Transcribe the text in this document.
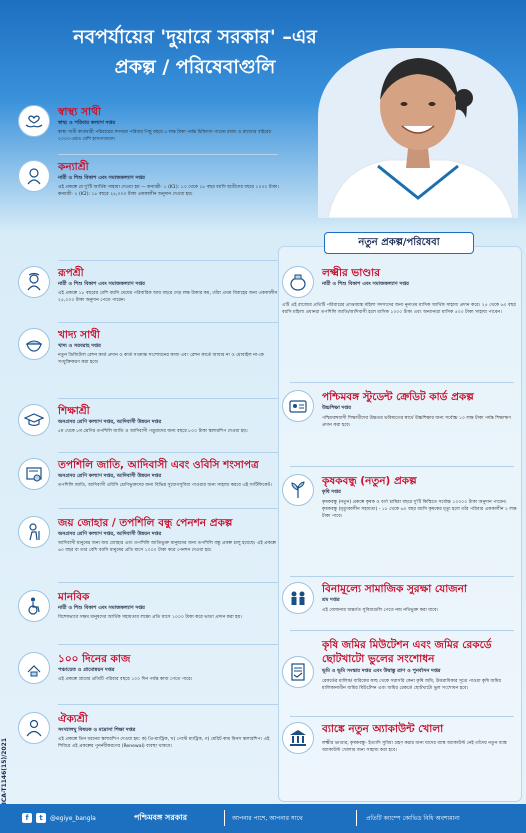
নবপর্যায়ের 'দুয়ারে সরকার' –এর
প্রকল্প / পরিষেবাগুলি
ICA-T1146(15)/2021
স্বাস্থ্য সাথী
স্বাস্থ্য ও পরিবার কল্যাণ দপ্তর
স্বাস্থ্য সাথী কার্ডধারী পরিবারের সদস্যরা পরিবার পিছু বছরে ৫ লক্ষ টাকা পর্যন্ত চিকিৎসা পাবেন রাজ্য ও রাজ্যের বাইরের ২০০০-এরও বেশি হাসপাতালে।
কন্যাশ্রী
নারী ও শিশু বিকাশ এবং সমাজকল্যাণ দপ্তর
এই প্রকল্পে যে দু'টি আর্থিক সাহায্য দেওয়া হয় — কন্যাশ্রী- ১ (K1): ১৩ থেকে ১৮ বছর বয়সি ছাত্রীদের বছরে ১০০০ টাকা। কন্যাশ্রী- ২ (K2): ১৮ বছরে ২৫,০০০ টাকা এককালীন অনুদান দেওয়া হয়।
রূপশ্রী
নারী ও শিশু বিকাশ এবং সমাজকল্যাণ দপ্তর
এই প্রকল্পে ১৮ বছরের বেশি বয়সি মেয়ের পরিবারিক আয় বছরে দেড় লক্ষ টাকার কম, তাঁরা প্রথম বিবাহের জন্য এককালীন ২৫,০০০ টাকা অনুদান পেতে পারেন।
খাদ্য সাথী
খাদ্য ও সরবরাহ দপ্তর
নতুন ডিজিটাল রেশন কার্ড প্রদান ও কার্ড সংক্রান্ত সংশোধনের কাজ এবং রেশন কার্ডে আধার না ও মোবাইল না-কে সংযুক্তিকরণ করা হবে।
শিক্ষাশ্রী
অনগ্রসর শ্রেণি কল্যাণ দপ্তর, আদিবাসী উন্নয়ন দপ্তর
৫ম থেকে ৮ম শ্রেণির তপশিলি জাতি ও আদিবাসী পড়ুয়াদের জন্য বছরে ৮০০ টাকা স্কলারশিপ দেওয়া হয়।
তপশিলি জাতি, আদিবাসী এবং ওবিসি শংসাপত্র
অনগ্রসর শ্রেণি কল্যাণ দপ্তর, আদিবাসী উন্নয়ন দপ্তর
তপশিলি জাতি, আদিবাসী ওবিসি শ্রেণিভুক্তদের জন্য বিভিন্ন সুযোগসুবিধা পাওয়ার জন্য সাহায্য করবে এই সার্টিফিকেট।
জয় জোহার / তপশিলি বন্ধু পেনশন প্রকল্প
অনগ্রসর শ্রেণি কল্যাণ দপ্তর, আদিবাসী উন্নয়ন দপ্তর
আদিবাসী মানুষের জন্য জয় জোহার এবং তপশিলি জাতিভুক্ত মানুষদের জন্য তপশিলি বন্ধু প্রকল্প চালু হয়েছে। এই প্রকল্পে ৬০ বছর বা তার বেশি বয়সি মানুষের প্রতি মাসে ১০০০ টাকা করে পেনশন দেওয়া হয়।
মানবিক
নারী ও শিশু বিকাশ এবং সমাজকল্যাণ দপ্তর
বিশেষভাবে সক্ষম মানুষদের আর্থিক সহায়তার লক্ষ্যে প্রতি মাসে ১০০০ টাকা করে ভাতা প্রদান করা হয়।
১০০ দিনের কাজ
পঞ্চায়েত ও গ্রামোন্নয়ন দপ্তর
এই প্রকল্পে গ্রামের প্রতিটি পরিবার বছরে ১০০ দিন পর্যন্ত কাজ পেতে পারে।
ঐক্যশ্রী
সংখ্যালঘু বিষয়ক ও মাদ্রাসা শিক্ষা দপ্তর
এই প্রকল্পে তিন ধরনের স্কলারশিপ দেওয়া হয়: ক) প্রি-ম্যাট্রিক, খ) পোস্ট ম্যাট্রিক, গ) মেরিট কাম মিনস স্কলারশিপ। এই শিবিরে এই প্রকল্পের পুনর্নবীকরণের (Renewal) ব্যবস্থা থাকবে।
নতুন প্রকল্প/পরিষেবা
লক্ষ্মীর ভাণ্ডার
নারী ও শিশু বিকাশ এবং সমাজকল্যাণ দপ্তর
এটি এই রাজ্যের প্রতিটি পরিবারের প্রাপ্তবয়স্ক মহিলা সদস্যদের জন্য নূন্যতম মাসিক আর্থিক সাহায্য প্রদান করে। ২৫ থেকে ৬০ বছর বয়সি মহিলা প্রধানরা তপশিলি জাতি/আদিবাসী হলে মাসিক ১০০০ টাকা এবং অন্যান্যরা মাসিক ৫০০ টাকা সাহায্য পাবেন।
পশ্চিমবঙ্গ স্টুডেন্ট ক্রেডিট কার্ড প্রকল্প
উচ্চশিক্ষা দপ্তর
পশ্চিমবঙ্গবাসী শিক্ষার্থীদের উচ্চতর ভবিষ্যতের স্বার্থে উচ্চশিক্ষার জন্য সর্বোচ্চ ১০ লক্ষ টাকা পর্যন্ত শিক্ষাঋণ প্রদান করা হবে।
কৃষকবন্ধু (নতুন) প্রকল্প
কৃষি দপ্তর
কৃষকবন্ধু (নতুন) প্রকল্পে কৃষক ও বর্গা চাষিরা বছরে দু'টি কিস্তিতে সর্বোচ্চ ১০০০০ টাকা অনুদান পাবেন। কৃষকবন্ধু (মৃত্যুকালীন সহায়তা) - ১৮ থেকে ৬০ বছর বয়সি কৃষকের মৃত্যু হলে তাঁর পরিবার এককালীন ২ লক্ষ টাকা পাবে।
বিনামূল্যে সামাজিক সুরক্ষা যোজনা
শ্রম দপ্তর
এই যোজনার অন্তর্গত সুবিধাগুলি পেতে নাম নথিভুক্ত করা যাবে।
কৃষি জমির মিউটেশন এবং জমির রেকর্ডে ছোটখাটো ভুলের সংশোধন
ভূমি ও ভূমি সংস্কার দপ্তর এবং উদ্বাস্তু ত্রাণ ও পুনর্বাসন দপ্তর
রেকর্ডের মালিক/ বারিকের কাছ থেকে সরাসরি কেনা কৃষি জমি, উত্তরাধিকার সূত্রে পাওয়া কৃষি জমির মালিকানাধীন জমির মিউটেশন এবং জমির রেকর্ডে ছোটখাটো ভুল সংশোধন হবে।
ব্যাঙ্কে নতুন অ্যাকাউন্ট খোলা
লক্ষ্মীর ভাণ্ডার, কৃষকবন্ধু- ইত্যাদি সুবিধা গ্রহণ করার জন্য যাদের ব্যাঙ্ক অ্যাকাউন্ট নেই তাঁদের নতুন ব্যাঙ্ক অ্যাকাউন্ট খোলার জন্য সাহায্য করা হবে।
f	t	@egiye_bangla	পশ্চিমবঙ্গ সরকার	আপনার পাশে, আপনার সাথে	প্রতিটি ক্যাম্পে কোভিড বিধি অবশ্যমান্য
